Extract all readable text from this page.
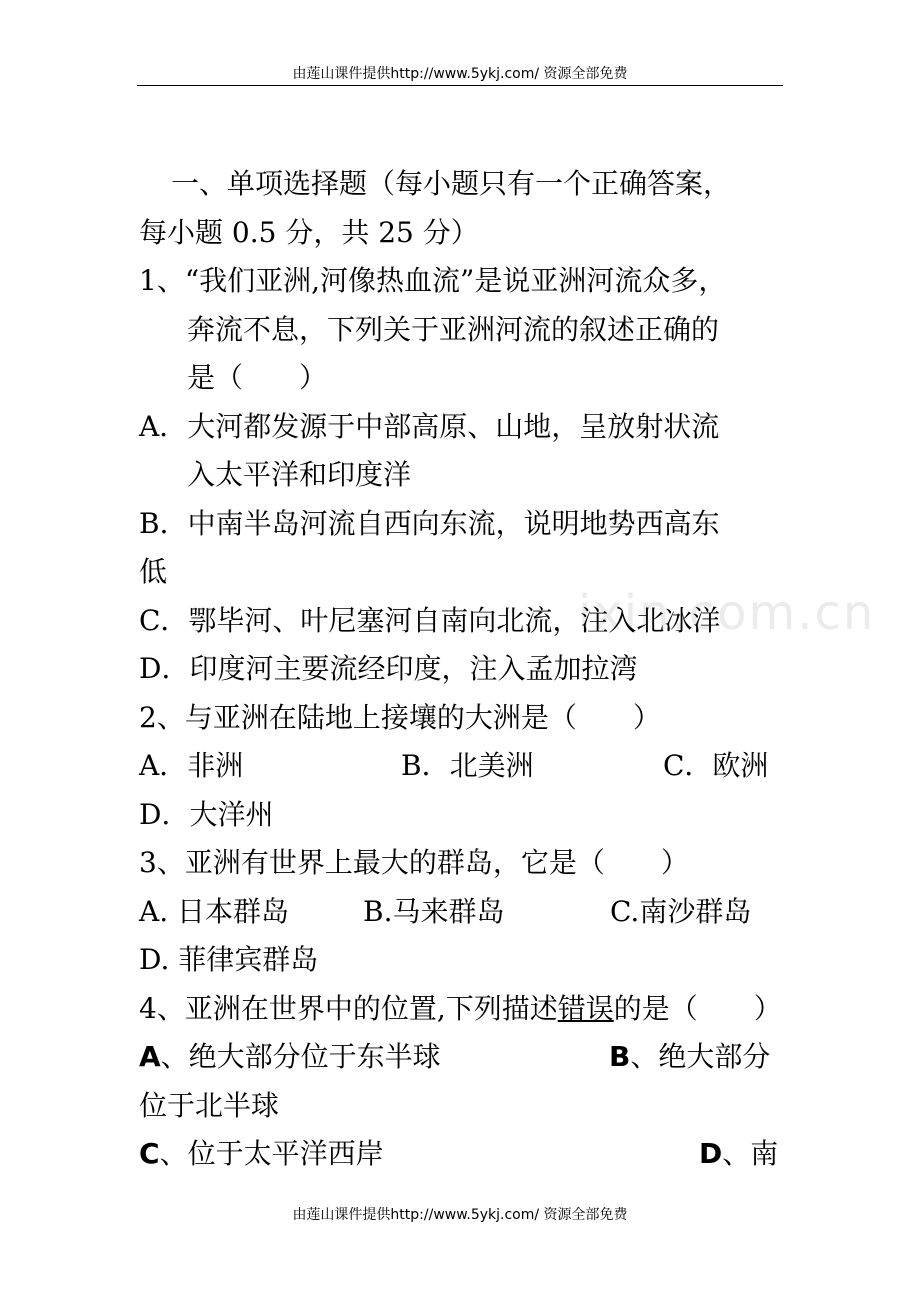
由莲山课件提供http://www.5ykj.com/ 资源全部免费
ixin.com.cn
一、单项选择题（每小题只有一个正确答案，
每小题 0.5 分，共 25 分）
1、“我们亚洲,河像热血流”是说亚洲河流众多，
奔流不息，下列关于亚洲河流的叙述正确的
是（　　）
A．大河都发源于中部高原、山地，呈放射状流
入太平洋和印度洋
B．中南半岛河流自西向东流，说明地势西高东
低
C．鄂毕河、叶尼塞河自南向北流，注入北冰洋
D．印度河主要流经印度，注入孟加拉湾
2、与亚洲在陆地上接壤的大洲是（　　）
A．非洲	B．北美洲	C．欧洲
D．大洋州
3、亚洲有世界上最大的群岛，它是（　　）
A. 日本群岛	B.马来群岛	C.南沙群岛
D. 菲律宾群岛
4、亚洲在世界中的位置,下列描述错误的是（　　）
A、绝大部分位于东半球	B、绝大部分
位于北半球
C、位于太平洋西岸	D、南
由莲山课件提供http://www.5ykj.com/ 资源全部免费
